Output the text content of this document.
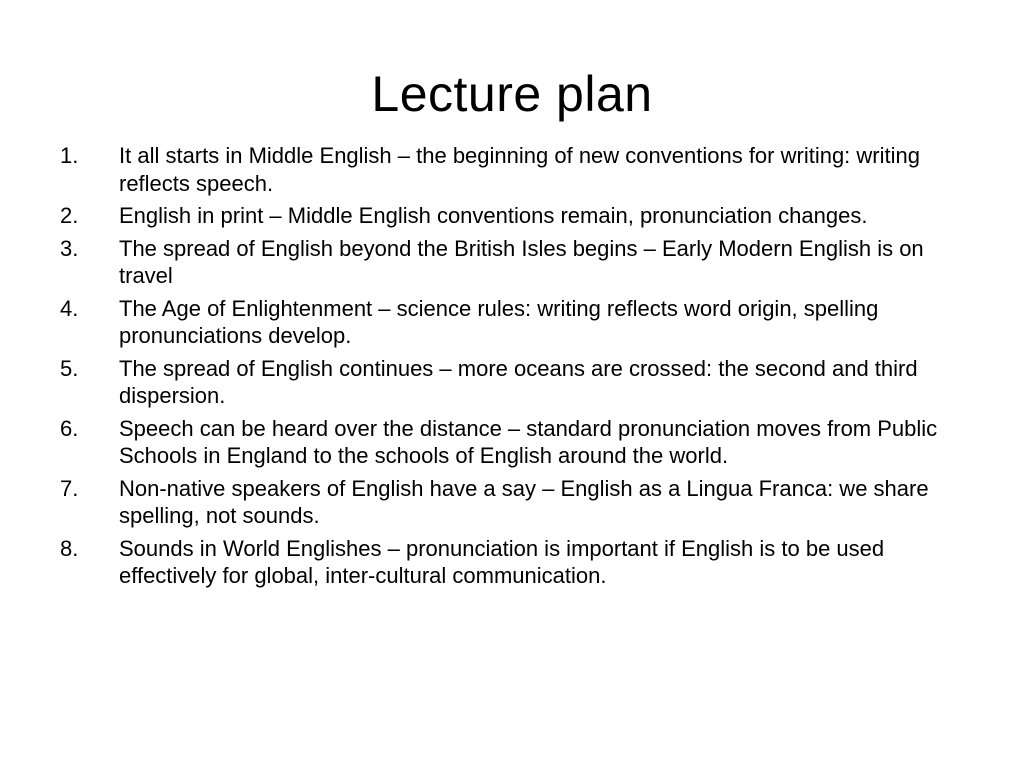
Lecture plan
1. It all starts in Middle English – the beginning of new conventions for writing: writing reflects speech.
2. English in print – Middle English conventions remain, pronunciation changes.
3. The spread of English beyond the British Isles begins – Early Modern English is on travel
4. The Age of Enlightenment – science rules: writing reflects word origin, spelling pronunciations develop.
5. The spread of English continues – more oceans are crossed: the second and third dispersion.
6. Speech can be heard over the distance – standard pronunciation moves from Public Schools in England to the schools of English around the world.
7. Non-native speakers of English have a say – English as a Lingua Franca: we share spelling, not sounds.
8. Sounds in World Englishes – pronunciation is important if English is to be used effectively for global, inter-cultural communication.
